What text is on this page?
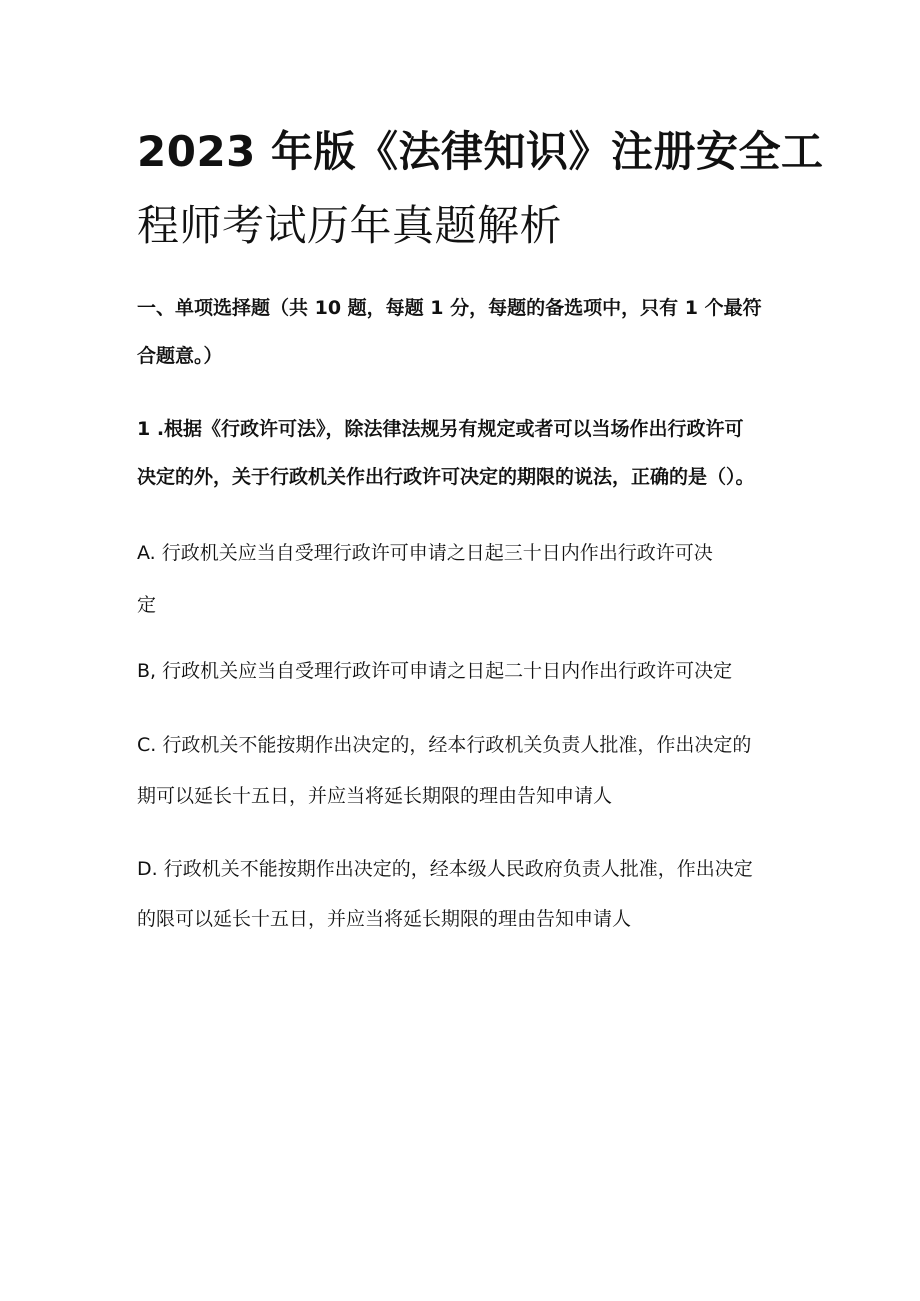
2023 年版《法律知识》注册安全工
程师考试历年真题解析
一、单项选择题（共 10 题，每题 1 分，每题的备选项中，只有 1 个最符
合题意。）
1 .根据《行政许可法》，除法律法规另有规定或者可以当场作出行政许可
决定的外，关于行政机关作出行政许可决定的期限的说法，正确的是（）。
A. 行政机关应当自受理行政许可申请之日起三十日内作出行政许可决
定
B, 行政机关应当自受理行政许可申请之日起二十日内作出行政许可决定
C. 行政机关不能按期作出决定的，经本行政机关负责人批准，作出决定的
期可以延长十五日，并应当将延长期限的理由告知申请人
D. 行政机关不能按期作出决定的，经本级人民政府负责人批准，作出决定
的限可以延长十五日，并应当将延长期限的理由告知申请人
